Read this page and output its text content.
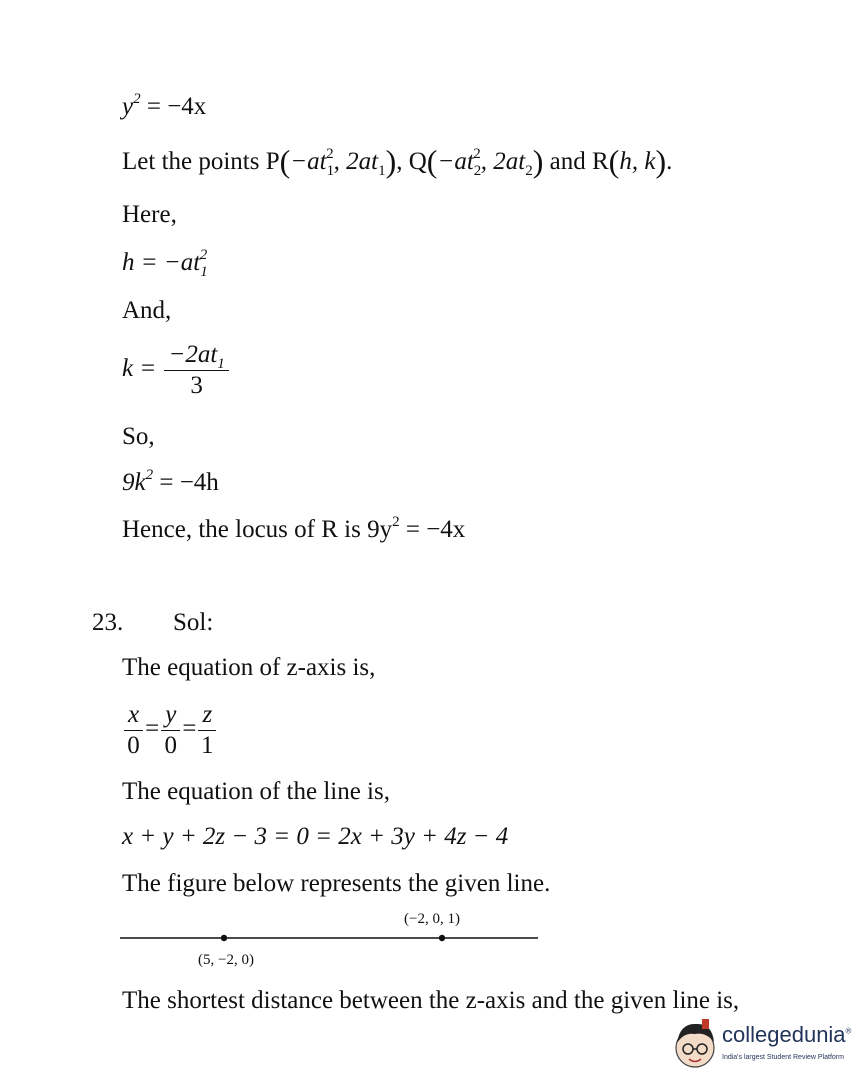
$y^2 = -4x$
Let the points $P(-at_1^2$, $2at_1$), $Q(-at_2^2$, $2at_2$) and R(h, k).
Here,
$h = -at_1^2$
And,
$k = \frac{-2at_1}{3}$
So,
$9k^2 = -4h$
Hence, the locus of R is $9y^2 = -4x$
23. Sol:
The equation of z-axis is,
$\frac{x}{0} = \frac{y}{0} = \frac{z}{1}$
The equation of the line is,
x + y + 2z − 3 = 0 = 2x + 3y + 4z − 4
The figure below represents the given line.
(5, −2, 0)
(−2, 0, 1)
The shortest distance between the z-axis and the given line is,
collegedunia®
India's largest Student Review Platform
